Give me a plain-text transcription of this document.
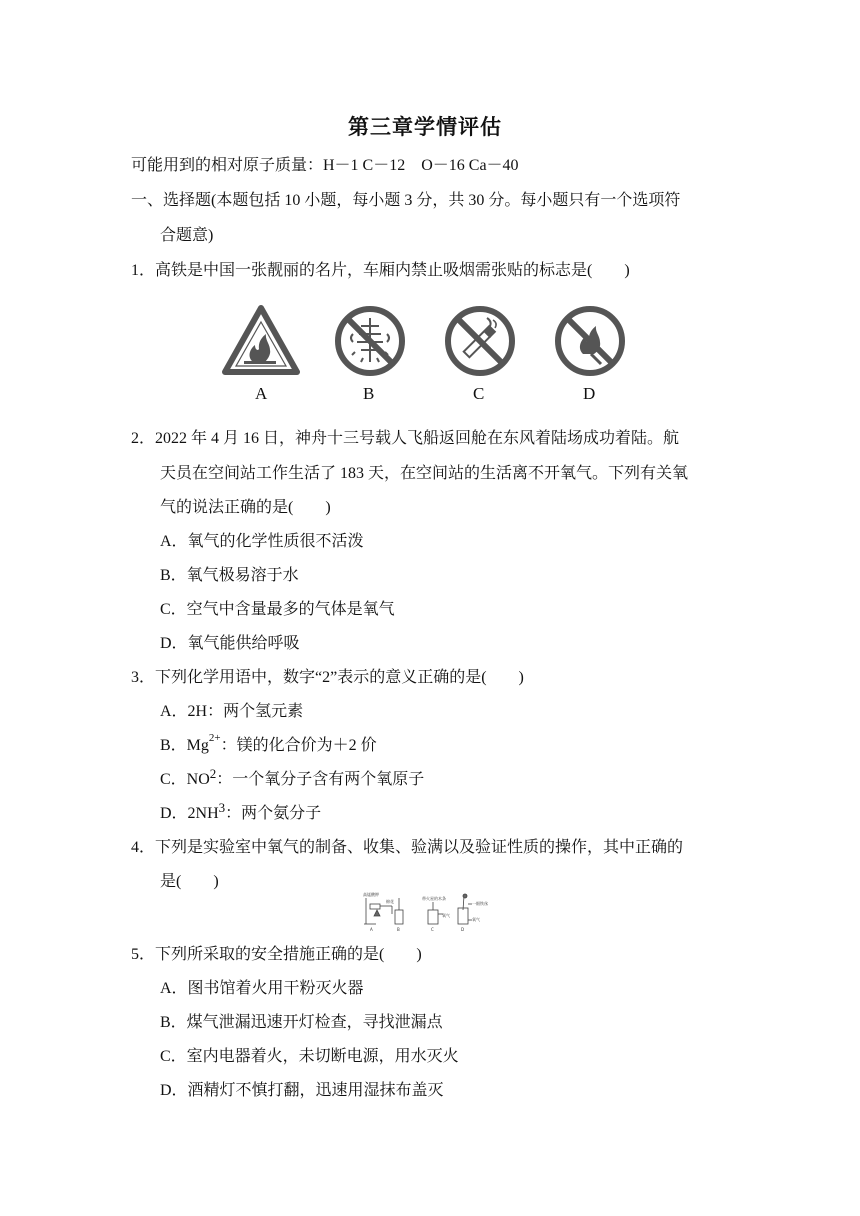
第三章学情评估
可能用到的相对原子质量：H－1 C－12　O－16 Ca－40
一、选择题(本题包括 10 小题，每小题 3 分，共 30 分。每小题只有一个选项符
合题意)
1．高铁是中国一张靓丽的名片，车厢内禁止吸烟需张贴的标志是(　　)
A	B	C	D
2．2022 年 4 月 16 日，神舟十三号载人飞船返回舱在东风着陆场成功着陆。航
天员在空间站工作生活了 183 天，在空间站的生活离不开氧气。下列有关氧
气的说法正确的是(　　)
A．氧气的化学性质很不活泼
B．氧气极易溶于水
C．空气中含量最多的气体是氧气
D．氧气能供给呼吸
3．下列化学用语中，数字“2”表示的意义正确的是(　　)
A．2H：两个氢元素
B．$Mg^{2+}$：镁的化合价为＋2 价
C．$NO^2$：一个氧分子含有两个氧原子
D．$2NH^3$：两个氨分子
4．下列是实验室中氧气的制备、收集、验满以及验证性质的操作，其中正确的
是(　　)
高锰酸钾
棉花
带火星的木条
氧气
一细铁丝
氧气
A	B	C	D
5．下列所采取的安全措施正确的是(　　)
A．图书馆着火用干粉灭火器
B．煤气泄漏迅速开灯检查，寻找泄漏点
C．室内电器着火，未切断电源，用水灭火
D．酒精灯不慎打翻，迅速用湿抹布盖灭
